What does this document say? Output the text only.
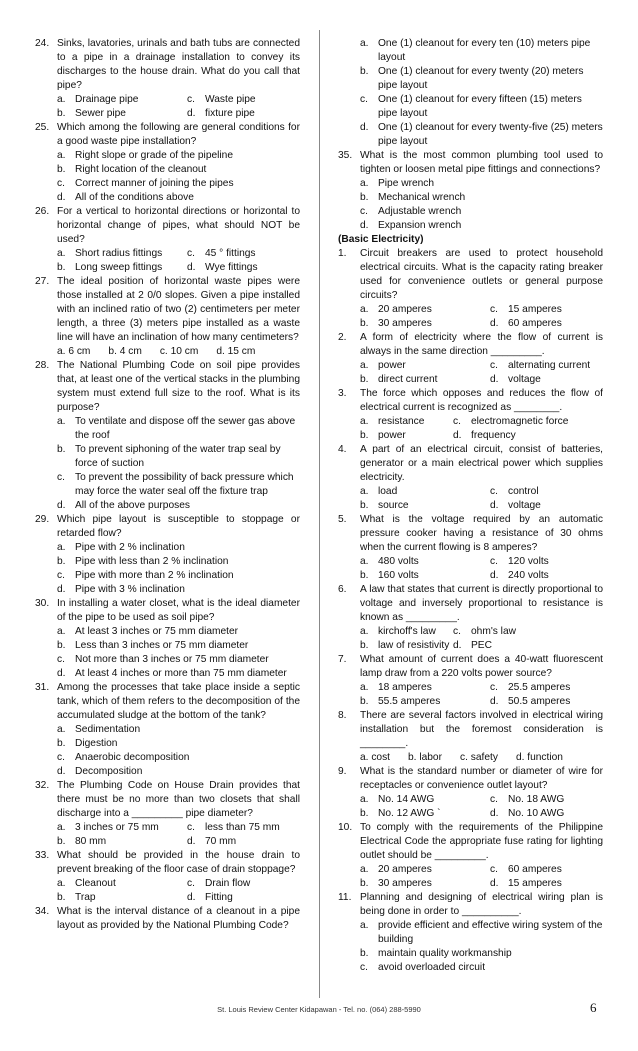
24. Sinks, lavatories, urinals and bath tubs are connected to a pipe in a drainage installation to convey its discharges to the house drain. What do you call that pipe?
a. Drainage pipe	c. Waste pipe
b. Sewer pipe	d. fixture pipe
25. Which among the following are general conditions for a good waste pipe installation?
a. Right slope or grade of the pipeline
b. Right location of the cleanout
c. Correct manner of joining the pipes
d. All of the conditions above
26. For a vertical to horizontal directions or horizontal to horizontal change of pipes, what should NOT be used?
a. Short radius fittings c. 45 ° fittings
b. Long sweep fittings d. Wye fittings
27. The ideal position of horizontal waste pipes were those installed at 2 0/0 slopes. Given a pipe installed with an inclined ratio of two (2) centimeters per meter length, a three (3) meters pipe installed as a waste line will have an inclination of how many centimeters?
a. 6 cm b. 4 cm c. 10 cm d. 15 cm
28. The National Plumbing Code on soil pipe provides that, at least one of the vertical stacks in the plumbing system must extend full size to the roof. What is its purpose?
a. To ventilate and dispose off the sewer gas above the roof
b. To prevent siphoning of the water trap seal by force of suction
c. To prevent the possibility of back pressure which may force the water seal off the fixture trap
d. All of the above purposes
29. Which pipe layout is susceptible to stoppage or retarded flow?
a. Pipe with 2 % inclination
b. Pipe with less than 2 % inclination
c. Pipe with more than 2 % inclination
d. Pipe with 3 % inclination
30. In installing a water closet, what is the ideal diameter of the pipe to be used as soil pipe?
a. At least 3 inches or 75 mm diameter
b. Less than 3 inches or 75 mm diameter
c. Not more than 3 inches or 75 mm diameter
d. At least 4 inches or more than 75 mm diameter
31. Among the processes that take place inside a septic tank, which of them refers to the decomposition of the accumulated sludge at the bottom of the tank?
a. Sedimentation
b. Digestion
c. Anaerobic decomposition
d. Decomposition
32. The Plumbing Code on House Drain provides that there must be no more than two closets that shall discharge into a _________ pipe diameter?
a. 3 inches or 75 mm	c. less than 75 mm
b. 80 mm	d. 70 mm
33. What should be provided in the house drain to prevent breaking of the floor case of drain stoppage?
a. Cleanout	c. Drain flow
b. Trap	d. Fitting
34. What is the interval distance of a cleanout in a pipe layout as provided by the National Plumbing Code?
a. One (1) cleanout for every ten (10) meters pipe layout
b. One (1) cleanout for every twenty (20) meters pipe layout
c. One (1) cleanout for every fifteen (15) meters pipe layout
d. One (1) cleanout for every twenty-five (25) meters pipe layout
35. What is the most common plumbing tool used to tighten or loosen metal pipe fittings and connections?
a. Pipe wrench
b. Mechanical wrench
c. Adjustable wrench
d. Expansion wrench
(Basic Electricity)
1.	Circuit breakers are used to protect household electrical circuits. What is the capacity rating breaker used for convenience outlets or general purpose circuits?
a. 20 amperes	c. 15 amperes
b. 30 amperes	d. 60 amperes
2.	A form of electricity where the flow of current is always in the same direction _________.
a. power	c. alternating current
b. direct current	d. voltage
3.	The force which opposes and reduces the flow of electrical current is recognized as ________.
a. resistance	c. electromagnetic force
b. power	d. frequency
4.	A part of an electrical circuit, consist of batteries, generator or a main electrical power which supplies electricity.
a. load	c. control
b. source	d. voltage
5.	What is the voltage required by an automatic pressure cooker having a resistance of 30 ohms when the current flowing is 8 amperes?
a. 480 volts	c. 120 volts
b. 160 volts	d. 240 volts
6.	A law that states that current is directly proportional to voltage and inversely proportional to resistance is known as _________.
a. kirchoff's law c. ohm's law
b. law of resistivity d. PEC
7.	What amount of current does a 40-watt fluorescent lamp draw from a 220 volts power source?
a. 18 amperes	c. 25.5 amperes
b. 55.5 amperes	d. 50.5 amperes
8.	There are several factors involved in electrical wiring installation but the foremost consideration is ________.
a. cost b. labor c. safety d. function
9.	What is the standard number or diameter of wire for receptacles or convenience outlet layout?
a. No. 14 AWG	c. No. 18 AWG
b. No. 12 AWG `	d. No. 10 AWG
10. To comply with the requirements of the Philippine Electrical Code the appropriate fuse rating for lighting outlet should be _________.
a. 20 amperes	c. 60 amperes
b. 30 amperes	d. 15 amperes
11. Planning and designing of electrical wiring plan is being done in order to __________.
a. provide efficient and effective wiring system of the building
b. maintain quality workmanship
c. avoid overloaded circuit
St. Louis Review Center Kidapawan - Tel. no. (064) 288-5990	6
